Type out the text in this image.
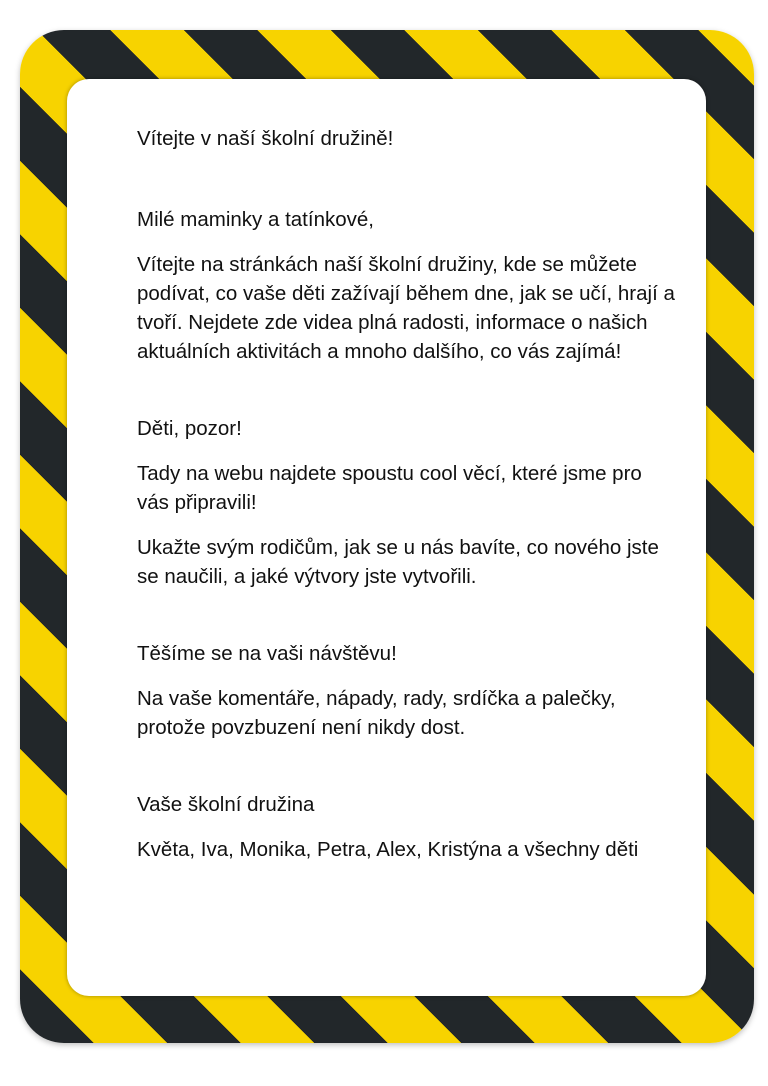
Vítejte v naší školní družině!

Milé maminky a tatínkové,

Vítejte na stránkách naší školní družiny, kde se můžete podívat, co vaše děti zažívají během dne, jak se učí, hrají a tvoří. Nejdete zde videa plná radosti, informace o našich aktuálních aktivitách a mnoho dalšího, co vás zajímá!

Děti, pozor!

Tady na webu najdete spoustu cool věcí, které jsme pro vás připravili!

Ukažte svým rodičům, jak se u nás bavíte, co nového jste se naučili, a jaké výtvory jste vytvořili.

Těšíme se na vaši návštěvu!

Na vaše komentáře, nápady, rady, srdíčka a palečky, protože povzbuzení není nikdy dost.

Vaše školní družina

Květa, Iva, Monika, Petra, Alex, Kristýna a všechny děti
